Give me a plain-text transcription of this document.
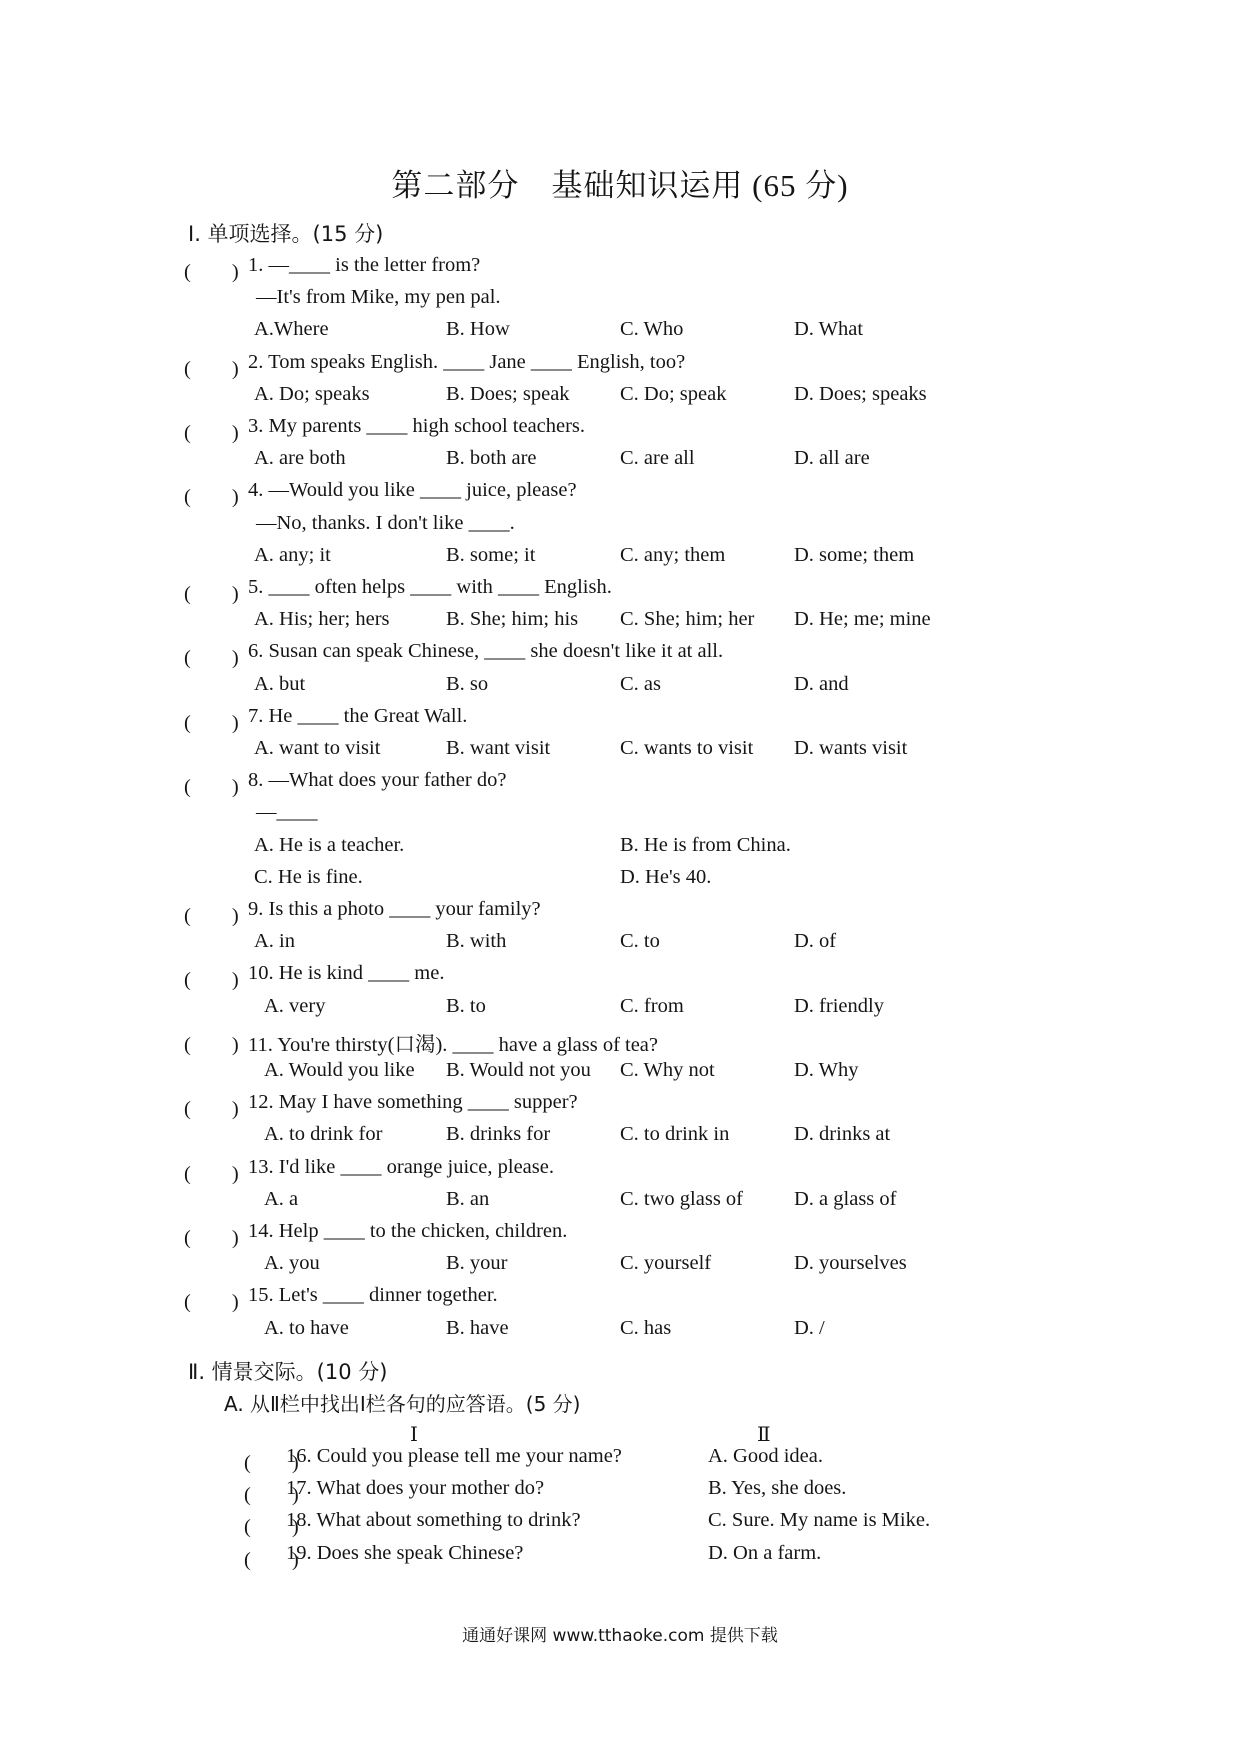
第二部分　基础知识运用 (65 分)
Ⅰ. 单项选择。(15 分)
(　　) 1. —____ is the letter from?
—It's from Mike, my pen pal.
A.Where	B. How	C. Who	D. What
(　　) 2. Tom speaks English. ____ Jane ____ English, too?
A. Do; speaks	B. Does; speak C. Do; speak	D. Does; speaks
(　　) 3. My parents ____ high school teachers.
A. are both	B. both are	C. are all	D. all are
(　　) 4. —Would you like ____ juice, please?
—No, thanks. I don't like ____.
A. any; it	B. some; it	C. any; them	D. some; them
(　　) 5. ____ often helps ____ with ____ English.
A. His; her; hers	B. She; him; his C. She; him; her D. He; me; mine
(　　) 6. Susan can speak Chinese, ____ she doesn't like it at all.
A. but	B. so	C. as	D. and
(　　) 7. He ____ the Great Wall.
A. want to visit	B. want visit	C. wants to visit D. wants visit
(　　) 8. —What does your father do?
—____
A. He is a teacher.	B. He is from China.
C. He is fine.	D. He's 40.
(　　) 9. Is this a photo ____ your family?
A. in	B. with	C. to	D. of
(　　) 10. He is kind ____ me.
A. very	B. to	C. from	D. friendly
(　　) 11. You're thirsty(口渴). ____ have a glass of tea?
A. Would you like B. Would not you C. Why not	D. Why
(　　) 12. May I have something ____ supper?
A. to drink for	B. drinks for	C. to drink in	D. drinks at
(　　) 13. I'd like ____ orange juice, please.
A. a	B. an	C. two glass of D. a glass of
(　　) 14. Help ____ to the chicken, children.
A. you	B. your	C. yourself	D. yourselves
(　　) 15. Let's ____ dinner together.
A. to have	B. have	C. has	D. /
Ⅱ. 情景交际。(10 分)
A. 从Ⅱ栏中找出Ⅰ栏各句的应答语。(5 分)
Ⅰ	Ⅱ
(　　)
16. Could you please tell me your name?	A. Good idea.
(　　)
17. What does your mother do?	B. Yes, she does.
(　　)
18. What about something to drink?	C. Sure. My name is Mike.
(　　)
19. Does she speak Chinese?	D. On a farm.
通通好课网 www.tthaoke.com 提供下载
